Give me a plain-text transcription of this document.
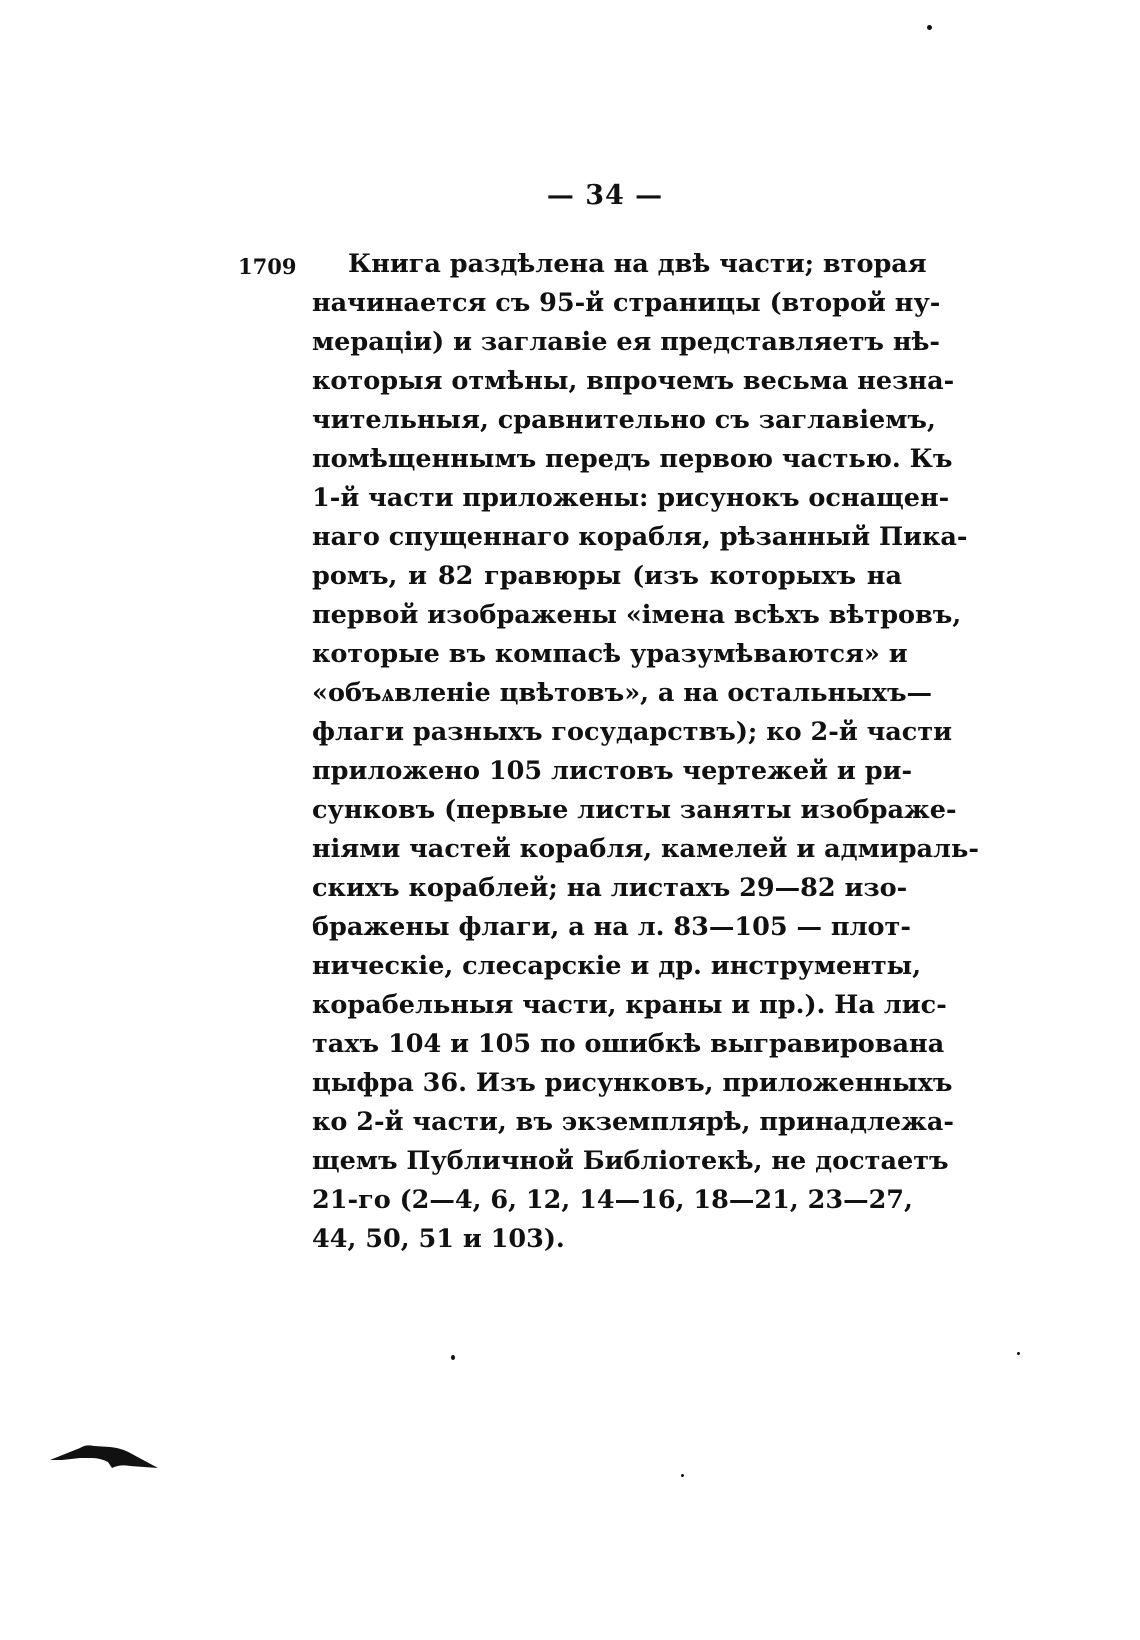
— 34 —
1709	Книга раздѣлена на двѣ части; вторая
начинается съ 95-й страницы (второй ну-
мераціи) и заглавіе ея представляетъ нѣ-
которыя отмѣны, впрочемъ весьма незна-
чительныя, сравнительно съ заглавіемъ,
помѣщеннымъ передъ первою частью. Къ
1-й части приложены: рисунокъ оснащен-
наго спущеннаго корабля, рѣзанный Пика-
ромъ, и 82 гравюры (изъ которыхъ на
первой изображены «імена всѣхъ вѣтровъ,
которые въ компасѣ уразумѣваются» и
«объѧвленіе цвѣтовъ», а на остальныхъ—
флаги разныхъ государствъ); ко 2-й части
приложено 105 листовъ чертежей и ри-
сунковъ (первые листы заняты изображе-
ніями частей корабля, камелей и адмираль-
скихъ кораблей; на листахъ 29—82 изо-
бражены флаги, а на л. 83—105 — плот-
ническіе, слесарскіе и др. инструменты,
корабельныя части, краны и пр.). На лис-
тахъ 104 и 105 по ошибкѣ выгравирована
цыфра 36. Изъ рисунковъ, приложенныхъ
ко 2-й части, въ экземплярѣ, принадлежа-
щемъ Публичной Библіотекѣ, не достаетъ
21-го (2—4, 6, 12, 14—16, 18—21, 23—27,
44, 50, 51 и 103).
